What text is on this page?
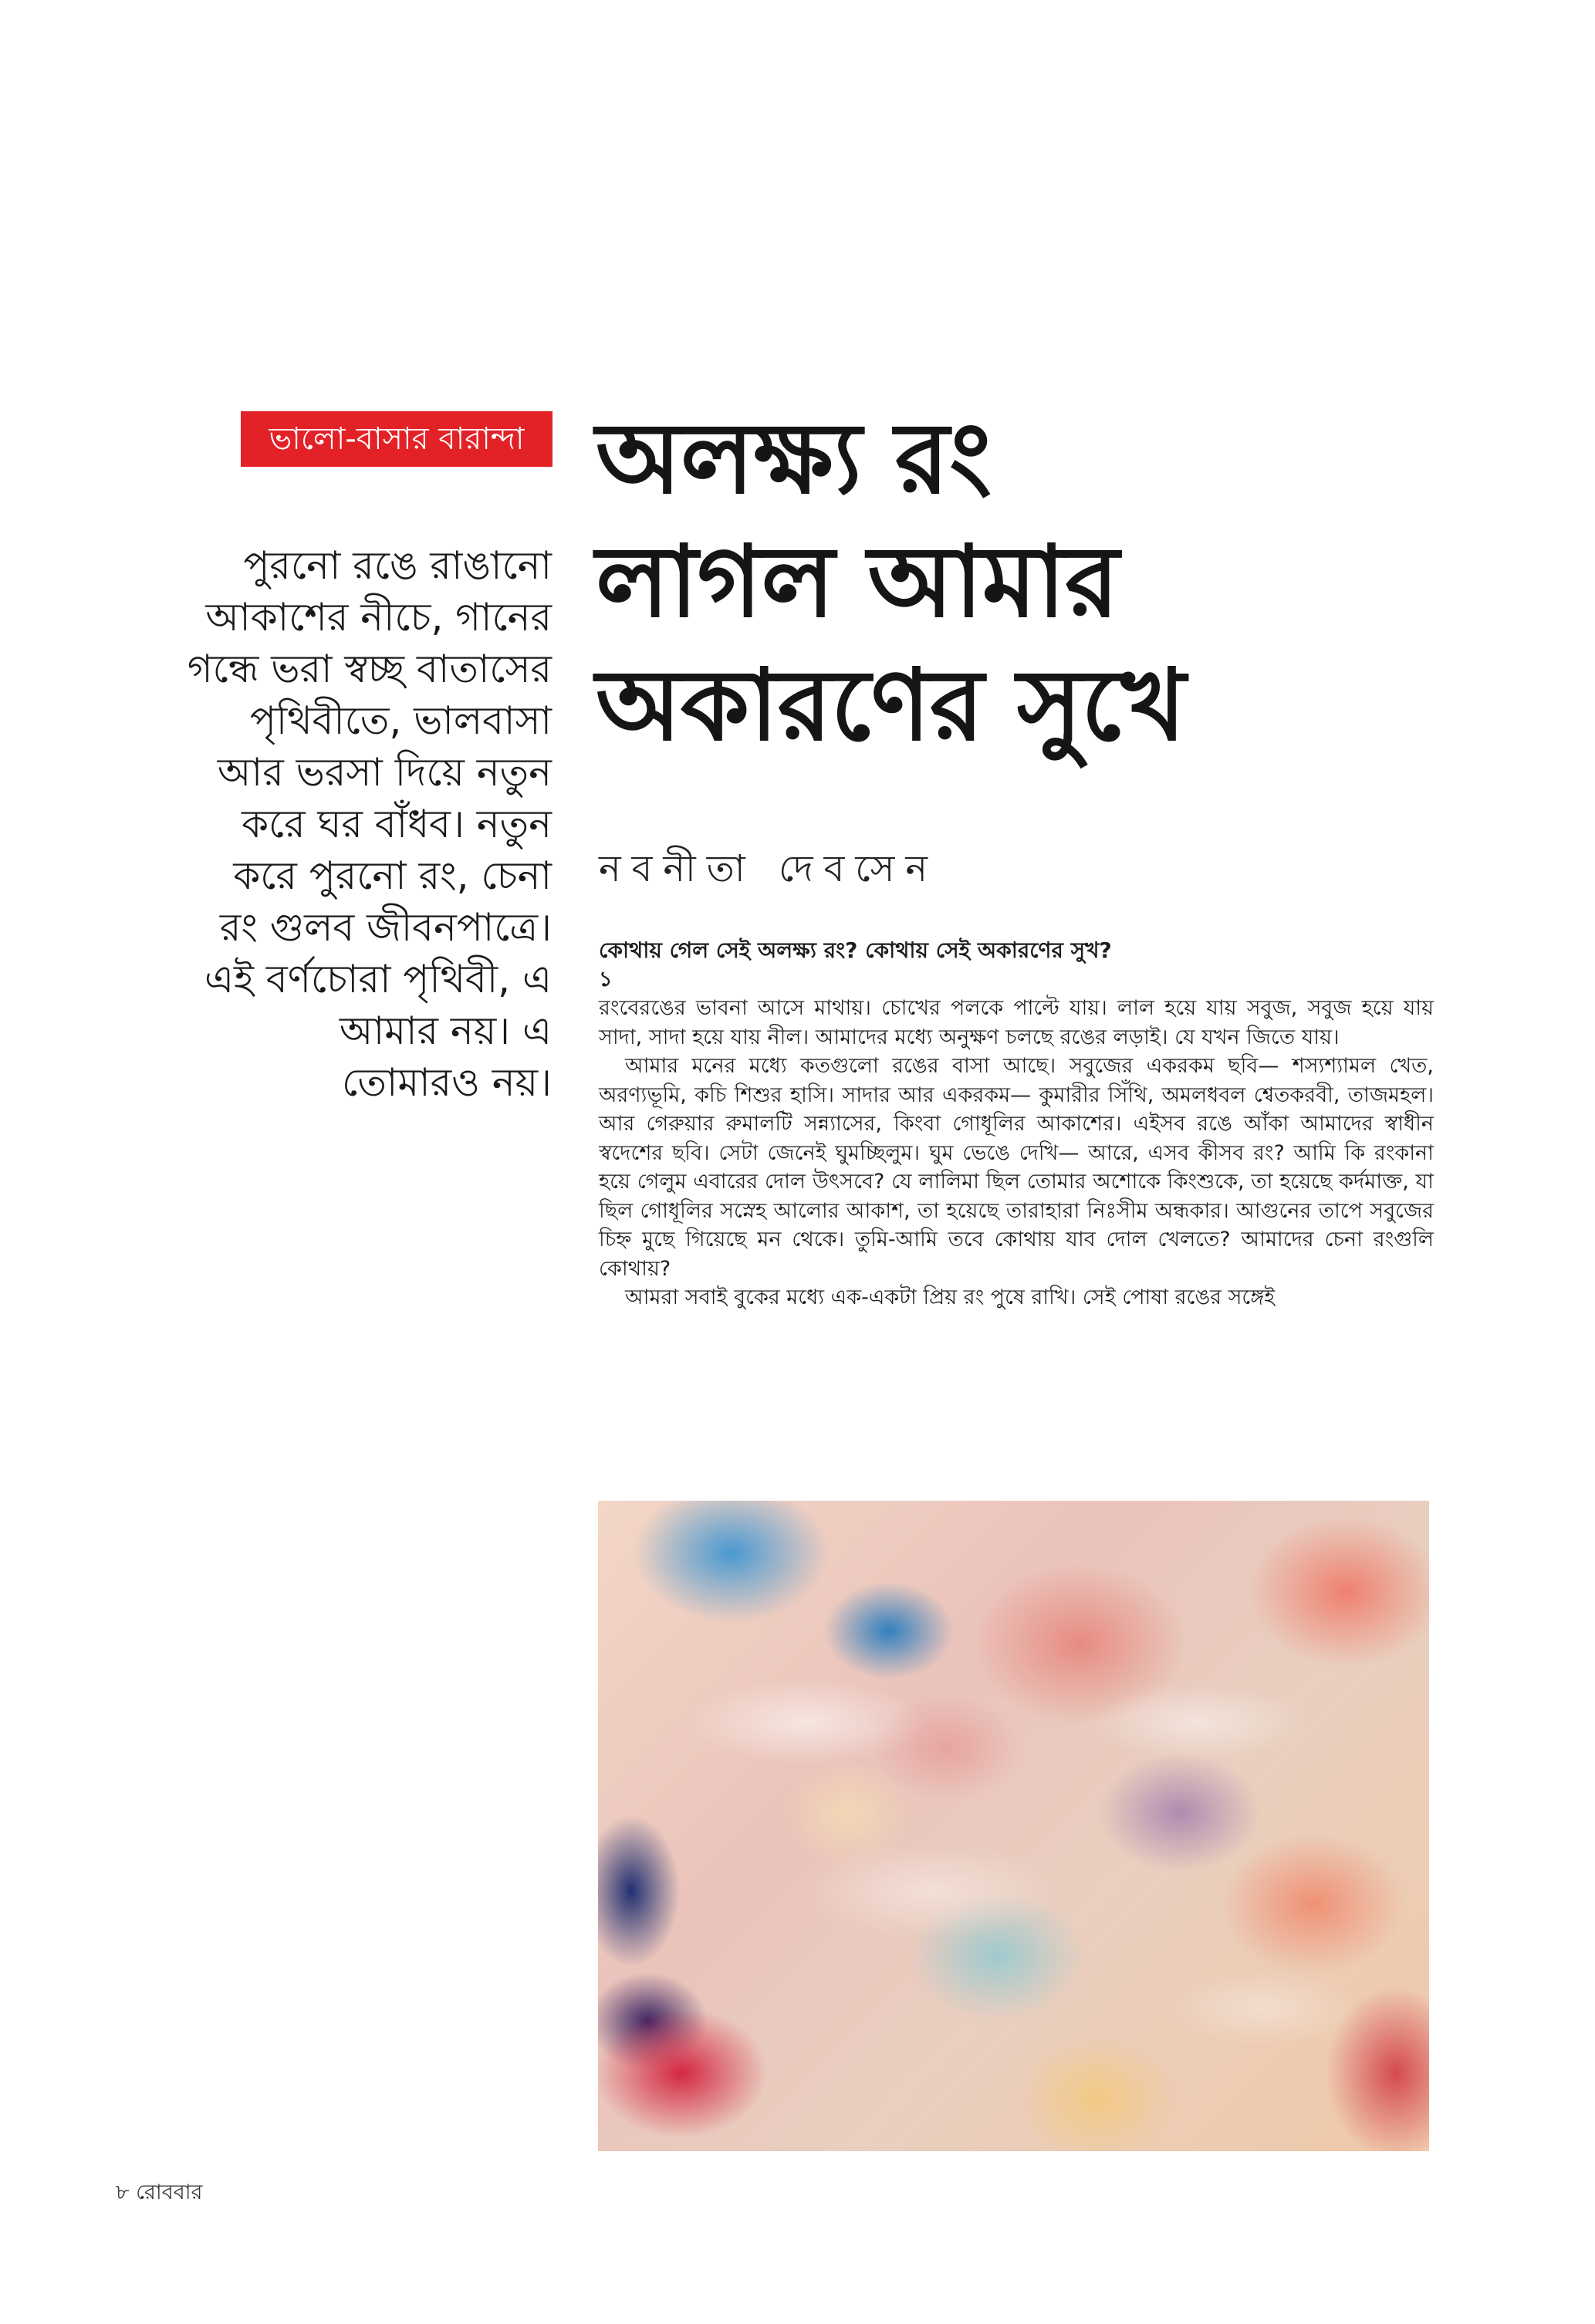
ভালো-বাসার বারান্দা অলক্ষ্য রং
লাগল আমার
অকারণের সুখে
নবনীতা দেবসেন
পুরনো রঙে রাঙানো
আকাশের নীচে, গানের
গন্ধে ভরা স্বচ্ছ বাতাসের
পৃথিবীতে, ভালবাসা
আর ভরসা দিয়ে নতুন
করে ঘর বাঁধব। নতুন
করে পুরনো রং, চেনা
রং গুলব জীবনপাত্রে।
এই বর্ণচোরা পৃথিবী, এ
আমার নয়। এ
তোমারও নয়।
কোথায় গেল সেই অলক্ষ্য রং? কোথায় সেই অকারণের সুখ?
১

রংবেরঙের ভাবনা আসে মাথায়। চোখের পলকে পাল্টে যায়। লাল হয়ে যায় সবুজ, সবুজ হয়ে যায় সাদা, সাদা হয়ে যায় নীল। আমাদের মধ্যে অনুক্ষণ চলছে রঙের লড়াই। যে যখন জিতে যায়।

আমার মনের মধ্যে কতগুলো রঙের বাসা আছে। সবুজের একরকম ছবি— শস্যশ্যামল খেত, অরণ্যভূমি, কচি শিশুর হাসি। সাদার আর একরকম— কুমারীর সিঁথি, অমলধবল শ্বেতকরবী, তাজমহল। আর গেরুয়ার রুমালটি সন্ন্যাসের, কিংবা গোধূলির আকাশের। এইসব রঙে আঁকা আমাদের স্বাধীন স্বদেশের ছবি। সেটা জেনেই ঘুমচ্ছিলুম। ঘুম ভেঙে দেখি— আরে, এসব কীসব রং? আমি কি রংকানা হয়ে গেলুম এবারের দোল উৎসবে? যে লালিমা ছিল তোমার অশোকে কিংশুকে, তা হয়েছে কর্দমাক্ত, যা ছিল গোধূলির সস্নেহ আলোর আকাশ, তা হয়েছে তারাহারা নিঃসীম অন্ধকার। আগুনের তাপে সবুজের চিহ্ন মুছে গিয়েছে মন থেকে। তুমি-আমি তবে কোথায় যাব দোল খেলতে? আমাদের চেনা রংগুলি কোথায়?

আমরা সবাই বুকের মধ্যে এক-একটা প্রিয় রং পুষে রাখি। সেই পোষা রঙের সঙ্গেই

৮ রোববার
